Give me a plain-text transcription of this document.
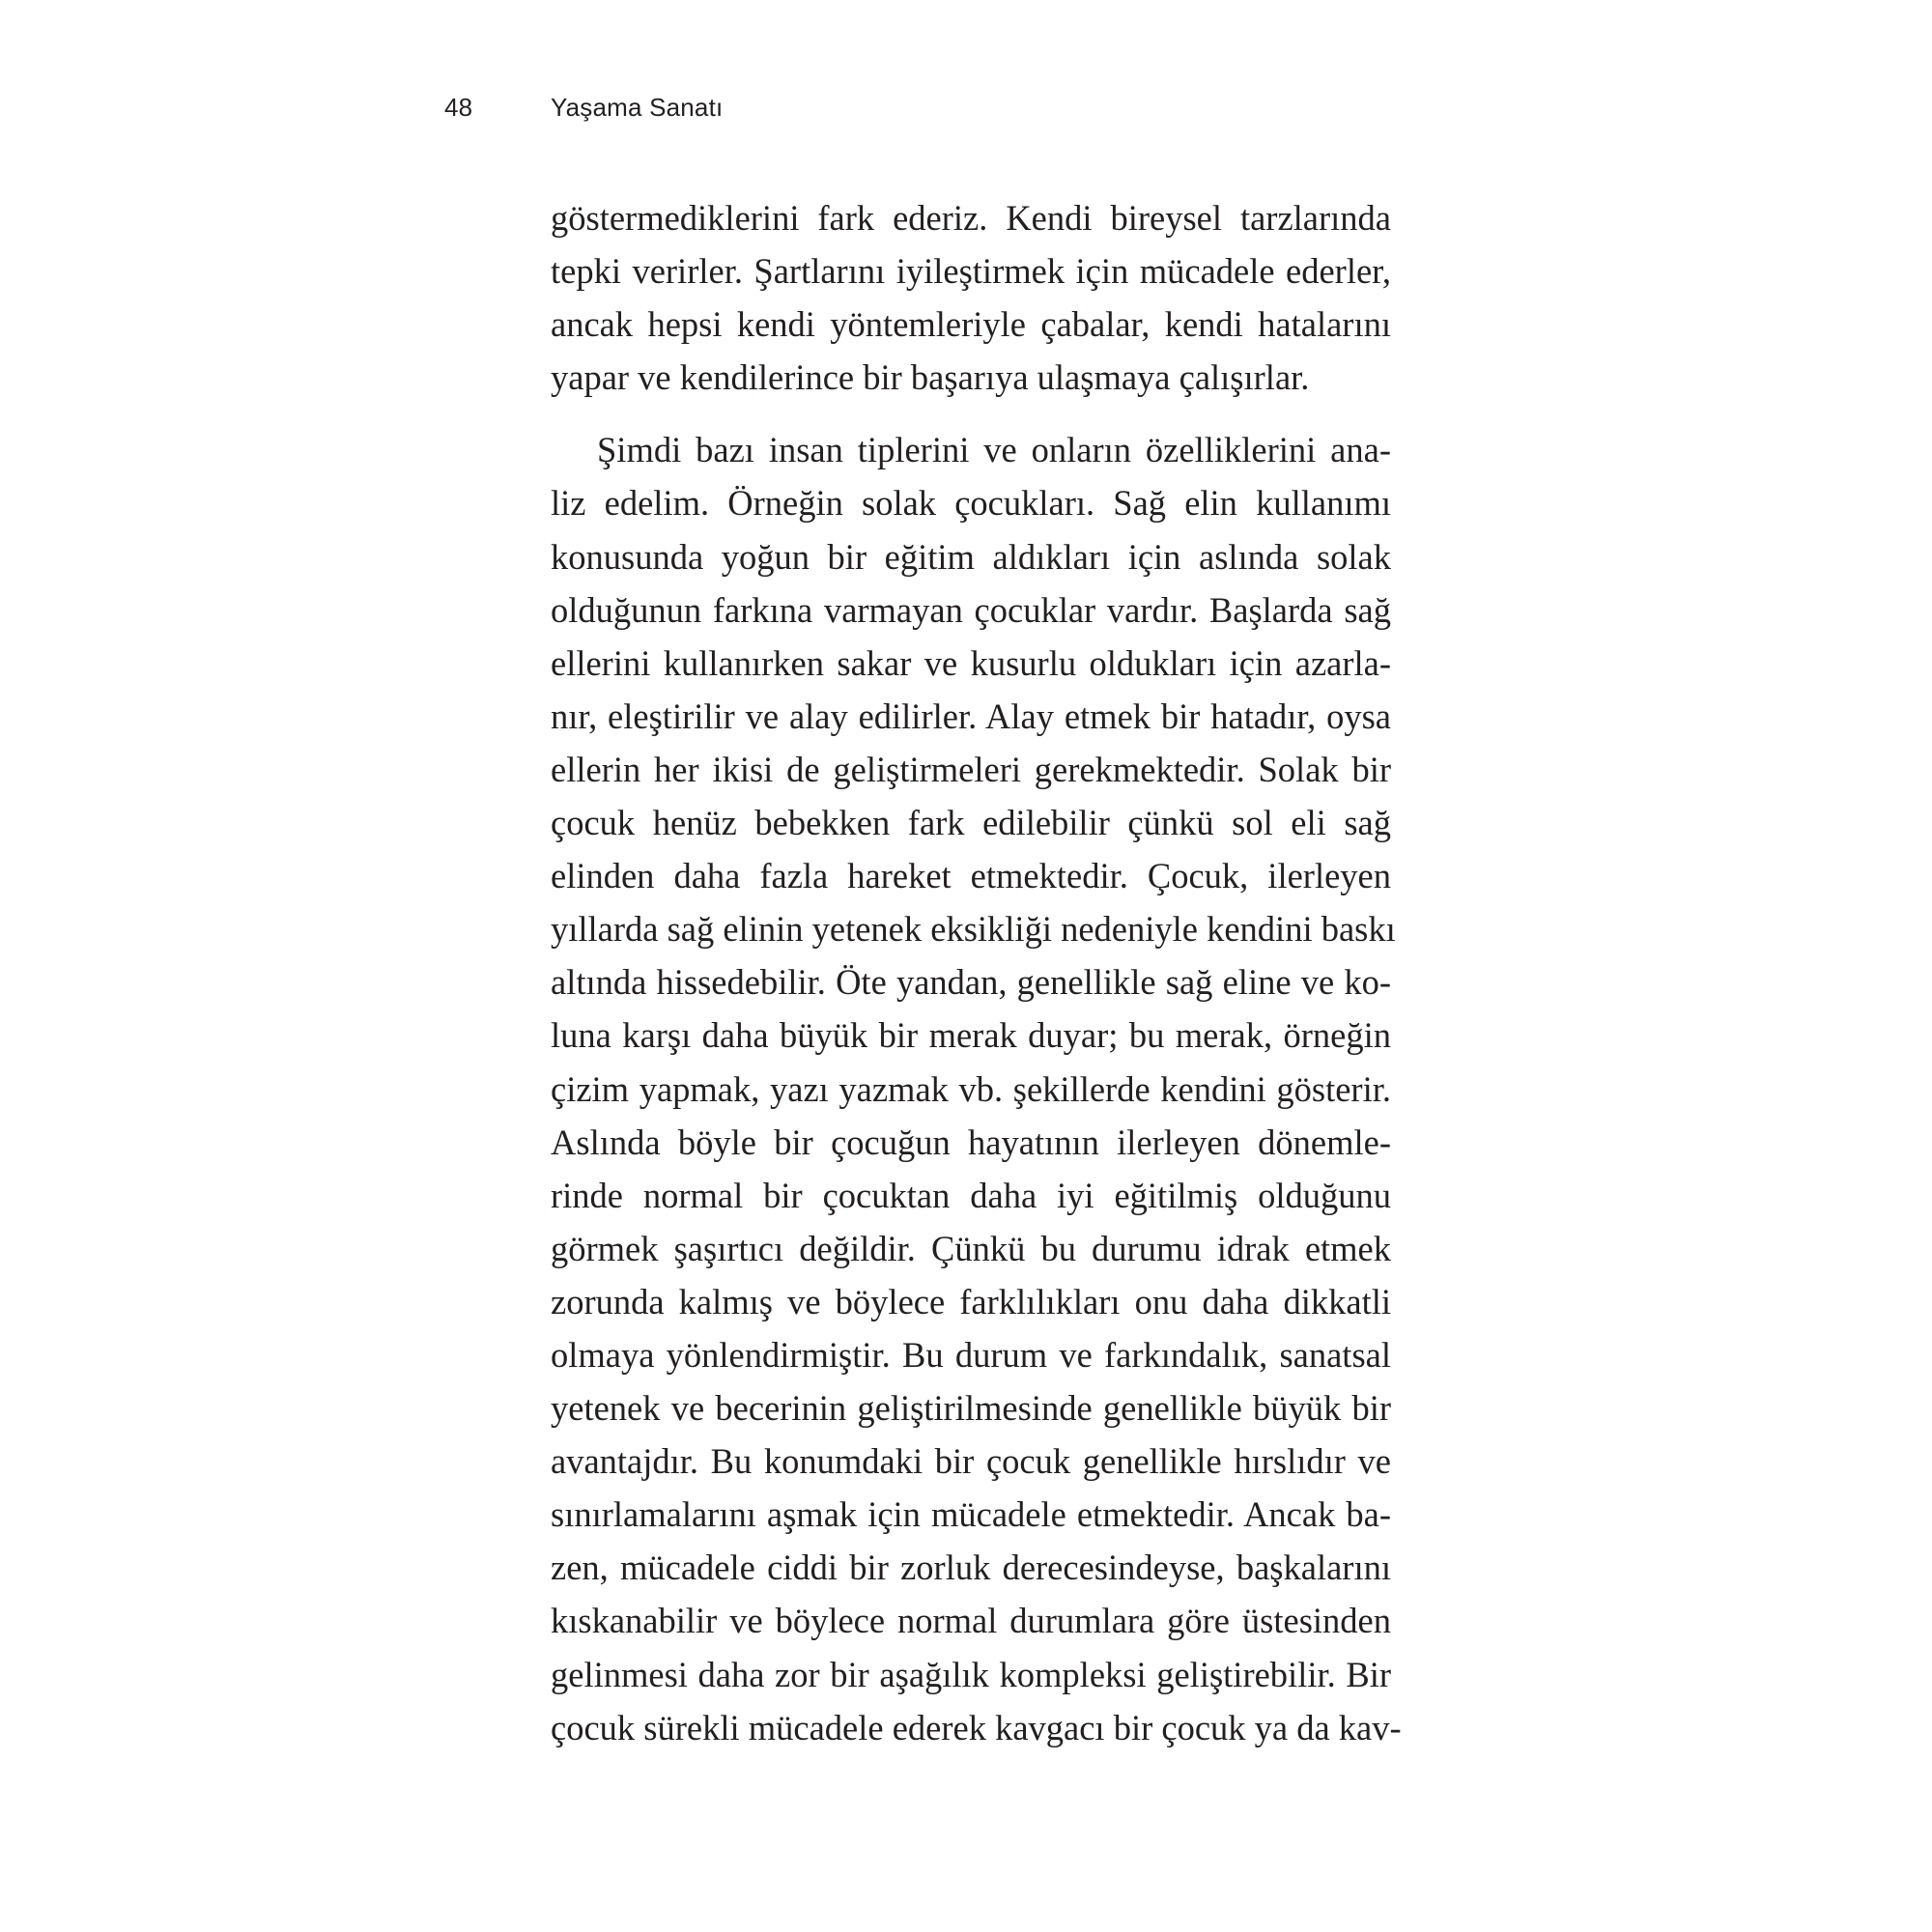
48	Yaşama Sanatı
göstermediklerini fark ederiz. Kendi bireysel tarzlarında
tepki verirler. Şartlarını iyileştirmek için mücadele ederler,
ancak hepsi kendi yöntemleriyle çabalar, kendi hatalarını
yapar ve kendilerince bir başarıya ulaşmaya çalışırlar.
Şimdi bazı insan tiplerini ve onların özelliklerini ana-
liz edelim. Örneğin solak çocukları. Sağ elin kullanımı
konusunda yoğun bir eğitim aldıkları için aslında solak
olduğunun farkına varmayan çocuklar vardır. Başlarda sağ
ellerini kullanırken sakar ve kusurlu oldukları için azarla-
nır, eleştirilir ve alay edilirler. Alay etmek bir hatadır, oysa
ellerin her ikisi de geliştirmeleri gerekmektedir. Solak bir
çocuk henüz bebekken fark edilebilir çünkü sol eli sağ
elinden daha fazla hareket etmektedir. Çocuk, ilerleyen
yıllarda sağ elinin yetenek eksikliği nedeniyle kendini baskı
altında hissedebilir. Öte yandan, genellikle sağ eline ve ko-
luna karşı daha büyük bir merak duyar; bu merak, örneğin
çizim yapmak, yazı yazmak vb. şekillerde kendini gösterir.
Aslında böyle bir çocuğun hayatının ilerleyen dönemle-
rinde normal bir çocuktan daha iyi eğitilmiş olduğunu
görmek şaşırtıcı değildir. Çünkü bu durumu idrak etmek
zorunda kalmış ve böylece farklılıkları onu daha dikkatli
olmaya yönlendirmiştir. Bu durum ve farkındalık, sanatsal
yetenek ve becerinin geliştirilmesinde genellikle büyük bir
avantajdır. Bu konumdaki bir çocuk genellikle hırslıdır ve
sınırlamalarını aşmak için mücadele etmektedir. Ancak ba-
zen, mücadele ciddi bir zorluk derecesindeyse, başkalarını
kıskanabilir ve böylece normal durumlara göre üstesinden
gelinmesi daha zor bir aşağılık kompleksi geliştirebilir. Bir
çocuk sürekli mücadele ederek kavgacı bir çocuk ya da kav-
